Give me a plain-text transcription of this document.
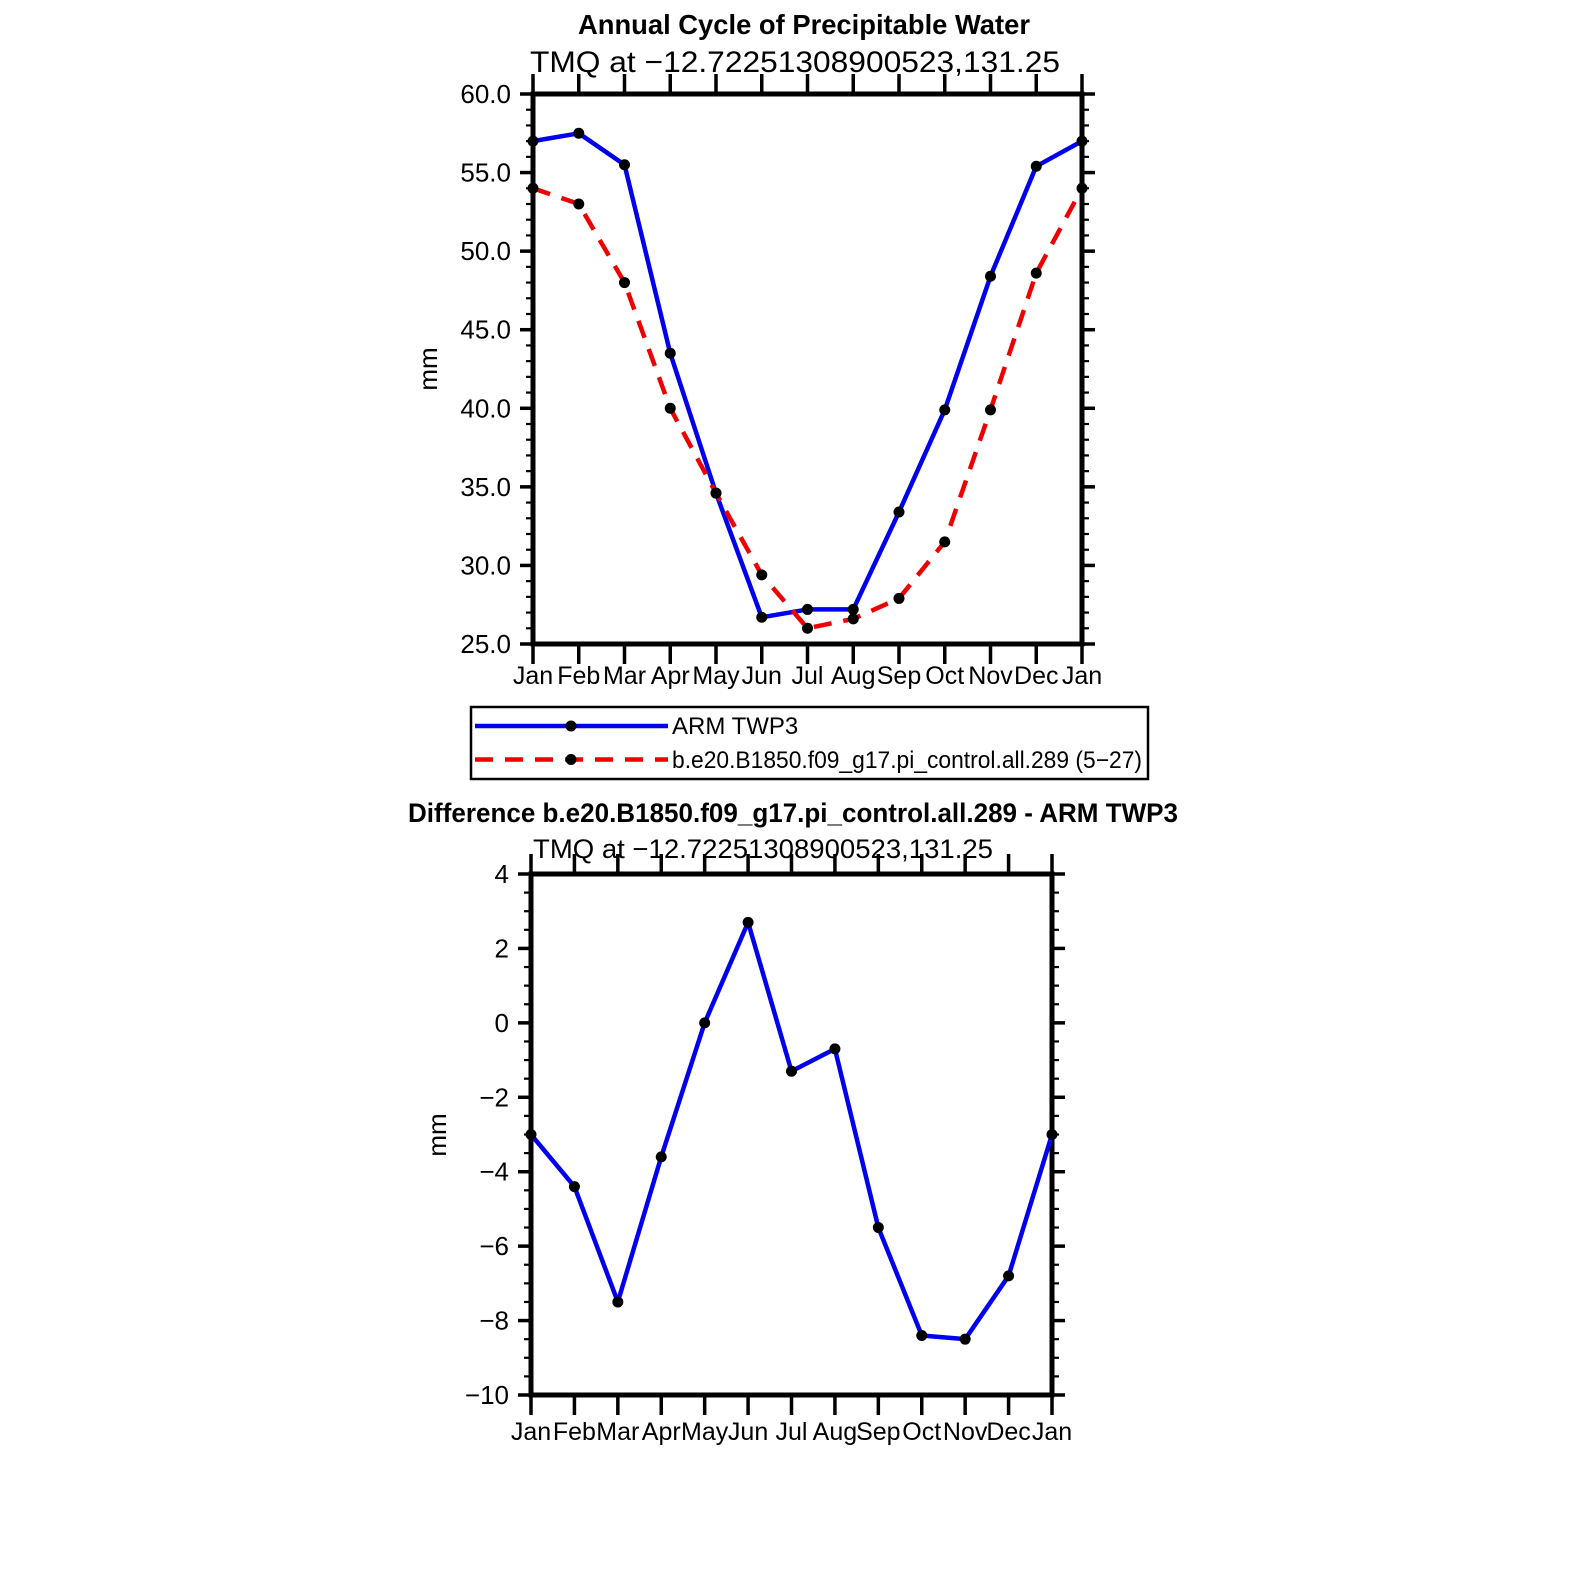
60.0
55.0
50.0
45.0
40.0
35.0
30.0
25.0
Jan Feb Mar Apr May Jun Jul Aug Sep Oct Nov Dec Jan
4
2
0
−2
−4
−6
−8
−10
Jan Feb Mar Apr May Jun Jul Aug
Sep Oct Nov
Dec Jan
Annual Cycle of Precipitable Water
TMQ at −12.72251308900523,131.25
mm
ARM TWP3
b.e20.B1850.f09_g17.pi_control.all.289 (5−27)
Difference b.e20.B1850.f09_g17.pi_control.all.289 - ARM TWP3
TMQ at −12.72251308900523,131.25
mm
